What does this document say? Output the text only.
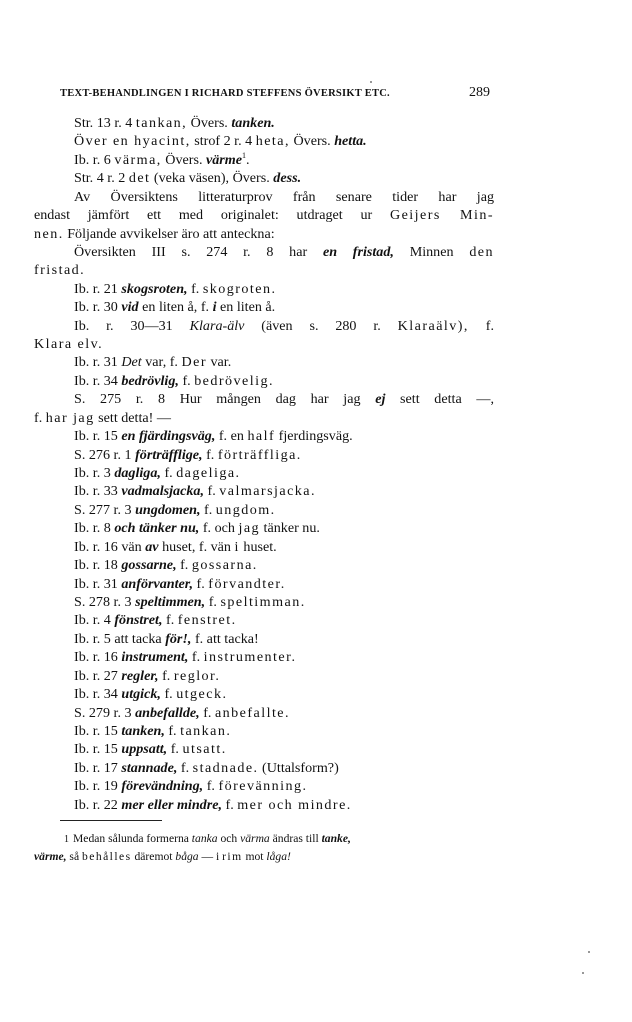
TEXT-BEHANDLINGEN I RICHARD STEFFENS ÖVERSIKT ETC.	289
Str. 13 r. 4 tankan, Övers. tanken.
Över en hyacint, strof 2 r. 4 heta, Övers. hetta.
Ib. r. 6 värma, Övers. värme$^1$.
Str. 4 r. 2 det (veka väsen), Övers. dess.
Av Översiktens litteraturprov från senare tider har jag
endast jämfört ett med originalet: utdraget ur Geijers Min-
nen. Följande avvikelser äro att anteckna:
Översikten III s. 274 r. 8 har en fristad, Minnen den
fristad.
Ib. r. 21 skogsroten, f. skogroten.
Ib. r. 30 vid en liten å, f. i en liten å.
Ib. r. 30—31 Klara-älv (även s. 280 r. Klaraälv), f.
Klara elv.
Ib. r. 31 Det var, f. Der var.
Ib. r. 34 bedrövlig, f. bedrövelig.
S. 275 r. 8 Hur mången dag har jag ej sett detta —,
f. har jag sett detta! —
Ib. r. 15 en fjärdingsväg, f. en half fjerdingsväg.
S. 276 r. 1 förträfflige, f. förträffliga.
Ib. r. 3 dagliga, f. dageliga.
Ib. r. 33 vadmalsjacka, f. valmarsjacka.
S. 277 r. 3 ungdomen, f. ungdom.
Ib. r. 8 och tänker nu, f. och jag tänker nu.
Ib. r. 16 vän av huset, f. vän i huset.
Ib. r. 18 gossarne, f. gossarna.
Ib. r. 31 anförvanter, f. förvandter.
S. 278 r. 3 speltimmen, f. speltimman.
Ib. r. 4 fönstret, f. fenstret.
Ib. r. 5 att tacka för!, f. att tacka!
Ib. r. 16 instrument, f. instrumenter.
Ib. r. 27 regler, f. reglor.
Ib. r. 34 utgick, f. utgeck.
S. 279 r. 3 anbefallde, f. anbefallte.
Ib. r. 15 tanken, f. tankan.
Ib. r. 15 uppsatt, f. utsatt.
Ib. r. 17 stannade, f. stadnade. (Uttalsform?)
Ib. r. 19 förevändning, f. förevänning.
Ib. r. 22 mer eller mindre, f. mer och mindre.
1 Medan sålunda formerna tanka och värma ändras till tanke,
värme, så behålles däremot båga — i rim mot låga!
